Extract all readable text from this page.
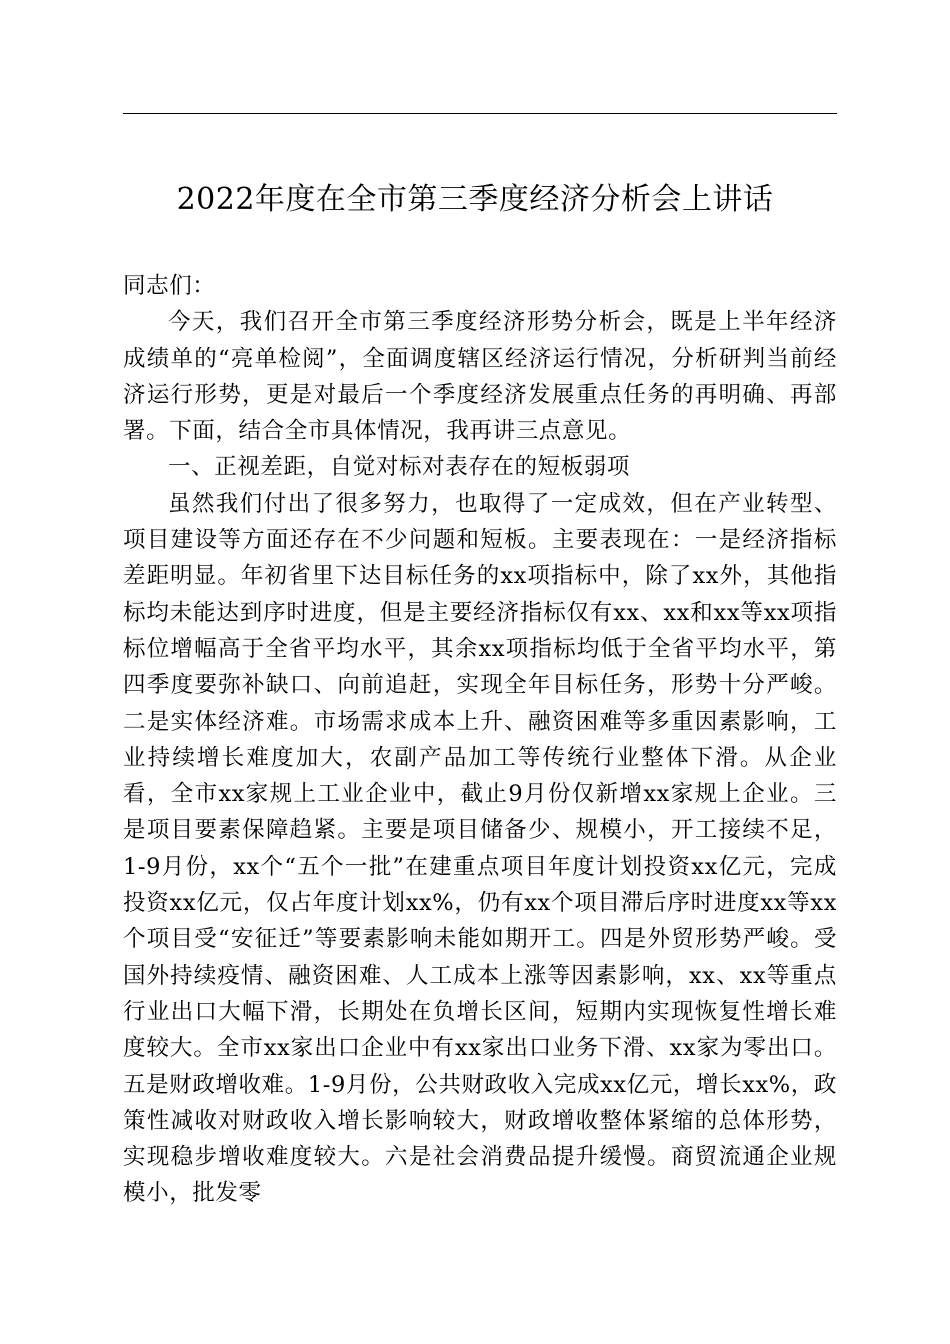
2022年度在全市第三季度经济分析会上讲话

同志们：

今天，我们召开全市第三季度经济形势分析会，既是上半年经济成绩单的“亮单检阅”，全面调度辖区经济运行情况，分析研判当前经济运行形势，更是对最后一个季度经济发展重点任务的再明确、再部署。下面，结合全市具体情况，我再讲三点意见。

一、正视差距，自觉对标对表存在的短板弱项

虽然我们付出了很多努力，也取得了一定成效，但在产业转型、项目建设等方面还存在不少问题和短板。主要表现在：一是经济指标差距明显。年初省里下达目标任务的xx项指标中，除了xx外，其他指标均未能达到序时进度，但是主要经济指标仅有xx、xx和xx等xx项指标位增幅高于全省平均水平，其余xx项指标均低于全省平均水平，第四季度要弥补缺口、向前追赶，实现全年目标任务，形势十分严峻。二是实体经济难。市场需求成本上升、融资困难等多重因素影响，工业持续增长难度加大，农副产品加工等传统行业整体下滑。从企业看，全市xx家规上工业企业中，截止9月份仅新增xx家规上企业。三是项目要素保障趋紧。主要是项目储备少、规模小，开工接续不足，1-9月份，xx个“五个一批”在建重点项目年度计划投资xx亿元，完成投资xx亿元，仅占年度计划xx%，仍有xx个项目滞后序时进度xx等xx个项目受“安征迁”等要素影响未能如期开工。四是外贸形势严峻。受国外持续疫情、融资困难、人工成本上涨等因素影响，xx、xx等重点行业出口大幅下滑，长期处在负增长区间，短期内实现恢复性增长难度较大。全市xx家出口企业中有xx家出口业务下滑、xx家为零出口。五是财政增收难。1-9月份，公共财政收入完成xx亿元，增长xx%，政策性减收对财政收入增长影响较大，财政增收整体紧缩的总体形势，实现稳步增收难度较大。六是社会消费品提升缓慢。商贸流通企业规模小，批发零
